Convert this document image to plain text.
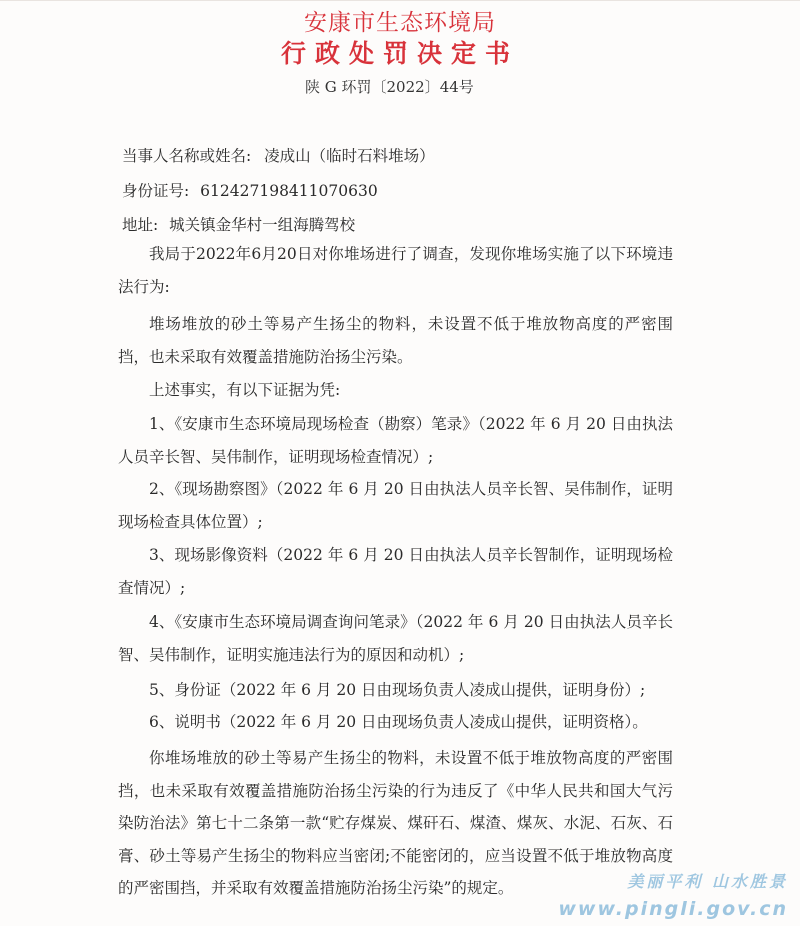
安康市生态环境局
行政处罚决定书
陕 G 环罚〔2022〕44号
当事人名称或姓名: 凌成山（临时石料堆场）
身份证号: 612427198411070630
地址: 城关镇金华村一组海腾驾校

我局于2022年6月20日对你堆场进行了调查，发现你堆场实施了以下环境违法行为:

堆场堆放的砂土等易产生扬尘的物料，未设置不低于堆放物高度的严密围挡，也未采取有效覆盖措施防治扬尘污染。

上述事实，有以下证据为凭:

1、《安康市生态环境局现场检查（勘察）笔录》（2022 年 6 月 20 日由执法人员辛长智、吴伟制作，证明现场检查情况）;

2、《现场勘察图》（2022 年 6 月 20 日由执法人员辛长智、吴伟制作，证明现场检查具体位置）;

3、现场影像资料（2022 年 6 月 20 日由执法人员辛长智制作，证明现场检查情况）;

4、《安康市生态环境局调查询问笔录》（2022 年 6 月 20 日由执法人员辛长智、吴伟制作，证明实施违法行为的原因和动机）;

5、身份证（2022 年 6 月 20 日由现场负责人凌成山提供，证明身份）;

6、说明书（2022 年 6 月 20 日由现场负责人凌成山提供，证明资格）。

你堆场堆放的砂土等易产生扬尘的物料，未设置不低于堆放物高度的严密围挡，也未采取有效覆盖措施防治扬尘污染的行为违反了《中华人民共和国大气污染防治法》第七十二条第一款“贮存煤炭、煤矸石、煤渣、煤灰、水泥、石灰、石膏、砂土等易产生扬尘的物料应当密闭;不能密闭的，应当设置不低于堆放物高度的严密围挡，并采取有效覆盖措施防治扬尘污染”的规定。	美丽平利 山水胜景
www.pingli.gov.cn
